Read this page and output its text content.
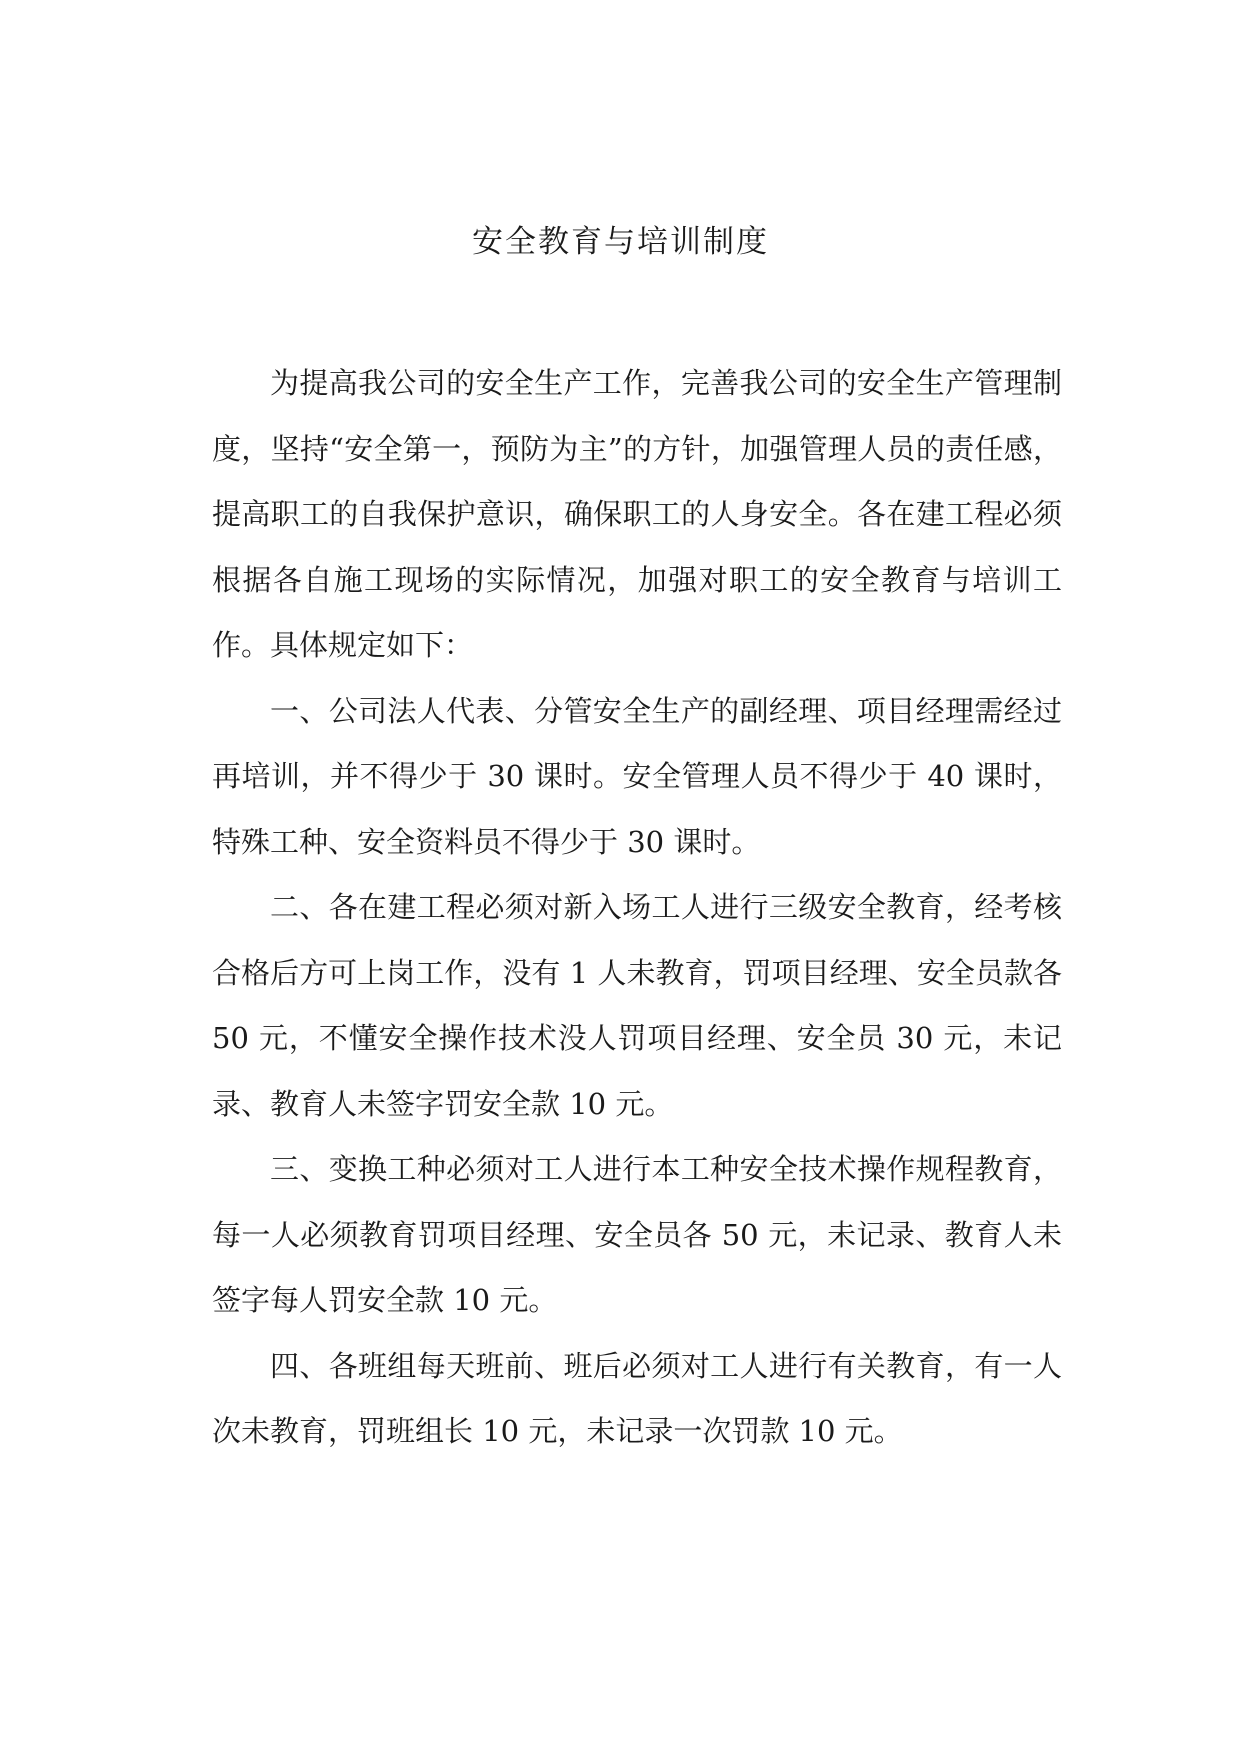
安全教育与培训制度

为提高我公司的安全生产工作，完善我公司的安全生产管理制度，坚持“安全第一，预防为主”的方针，加强管理人员的责任感，提高职工的自我保护意识，确保职工的人身安全。各在建工程必须根据各自施工现场的实际情况，加强对职工的安全教育与培训工作。具体规定如下：

一、公司法人代表、分管安全生产的副经理、项目经理需经过再培训，并不得少于 30 课时。安全管理人员不得少于 40 课时，特殊工种、安全资料员不得少于 30 课时。

二、各在建工程必须对新入场工人进行三级安全教育，经考核合格后方可上岗工作，没有 1 人未教育，罚项目经理、安全员款各 50 元，不懂安全操作技术没人罚项目经理、安全员 30 元，未记录、教育人未签字罚安全款 10 元。

三、变换工种必须对工人进行本工种安全技术操作规程教育，每一人必须教育罚项目经理、安全员各 50 元，未记录、教育人未签字每人罚安全款 10 元。

四、各班组每天班前、班后必须对工人进行有关教育，有一人次未教育，罚班组长 10 元，未记录一次罚款 10 元。
